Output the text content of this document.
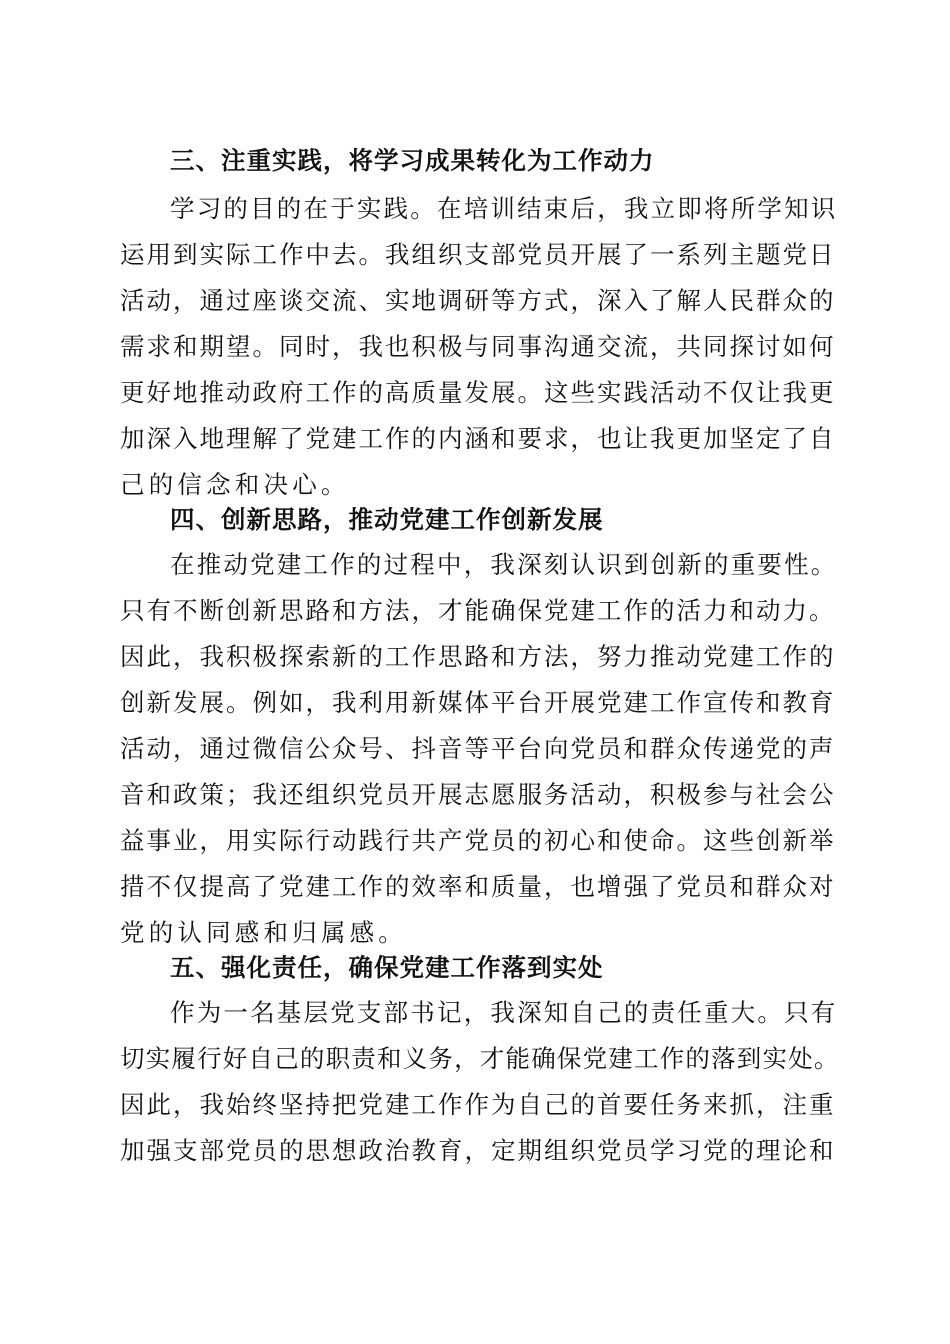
三、注重实践，将学习成果转化为工作动力
学习的目的在于实践。在培训结束后，我立即将所学知识
运用到实际工作中去。我组织支部党员开展了一系列主题党日
活动，通过座谈交流、实地调研等方式，深入了解人民群众的
需求和期望。同时，我也积极与同事沟通交流，共同探讨如何
更好地推动政府工作的高质量发展。这些实践活动不仅让我更
加深入地理解了党建工作的内涵和要求，也让我更加坚定了自
己的信念和决心。
四、创新思路，推动党建工作创新发展
在推动党建工作的过程中，我深刻认识到创新的重要性。
只有不断创新思路和方法，才能确保党建工作的活力和动力。
因此，我积极探索新的工作思路和方法，努力推动党建工作的
创新发展。例如，我利用新媒体平台开展党建工作宣传和教育
活动，通过微信公众号、抖音等平台向党员和群众传递党的声
音和政策；我还组织党员开展志愿服务活动，积极参与社会公
益事业，用实际行动践行共产党员的初心和使命。这些创新举
措不仅提高了党建工作的效率和质量，也增强了党员和群众对
党的认同感和归属感。
五、强化责任，确保党建工作落到实处
作为一名基层党支部书记，我深知自己的责任重大。只有
切实履行好自己的职责和义务，才能确保党建工作的落到实处。
因此，我始终坚持把党建工作作为自己的首要任务来抓，注重
加强支部党员的思想政治教育，定期组织党员学习党的理论和
